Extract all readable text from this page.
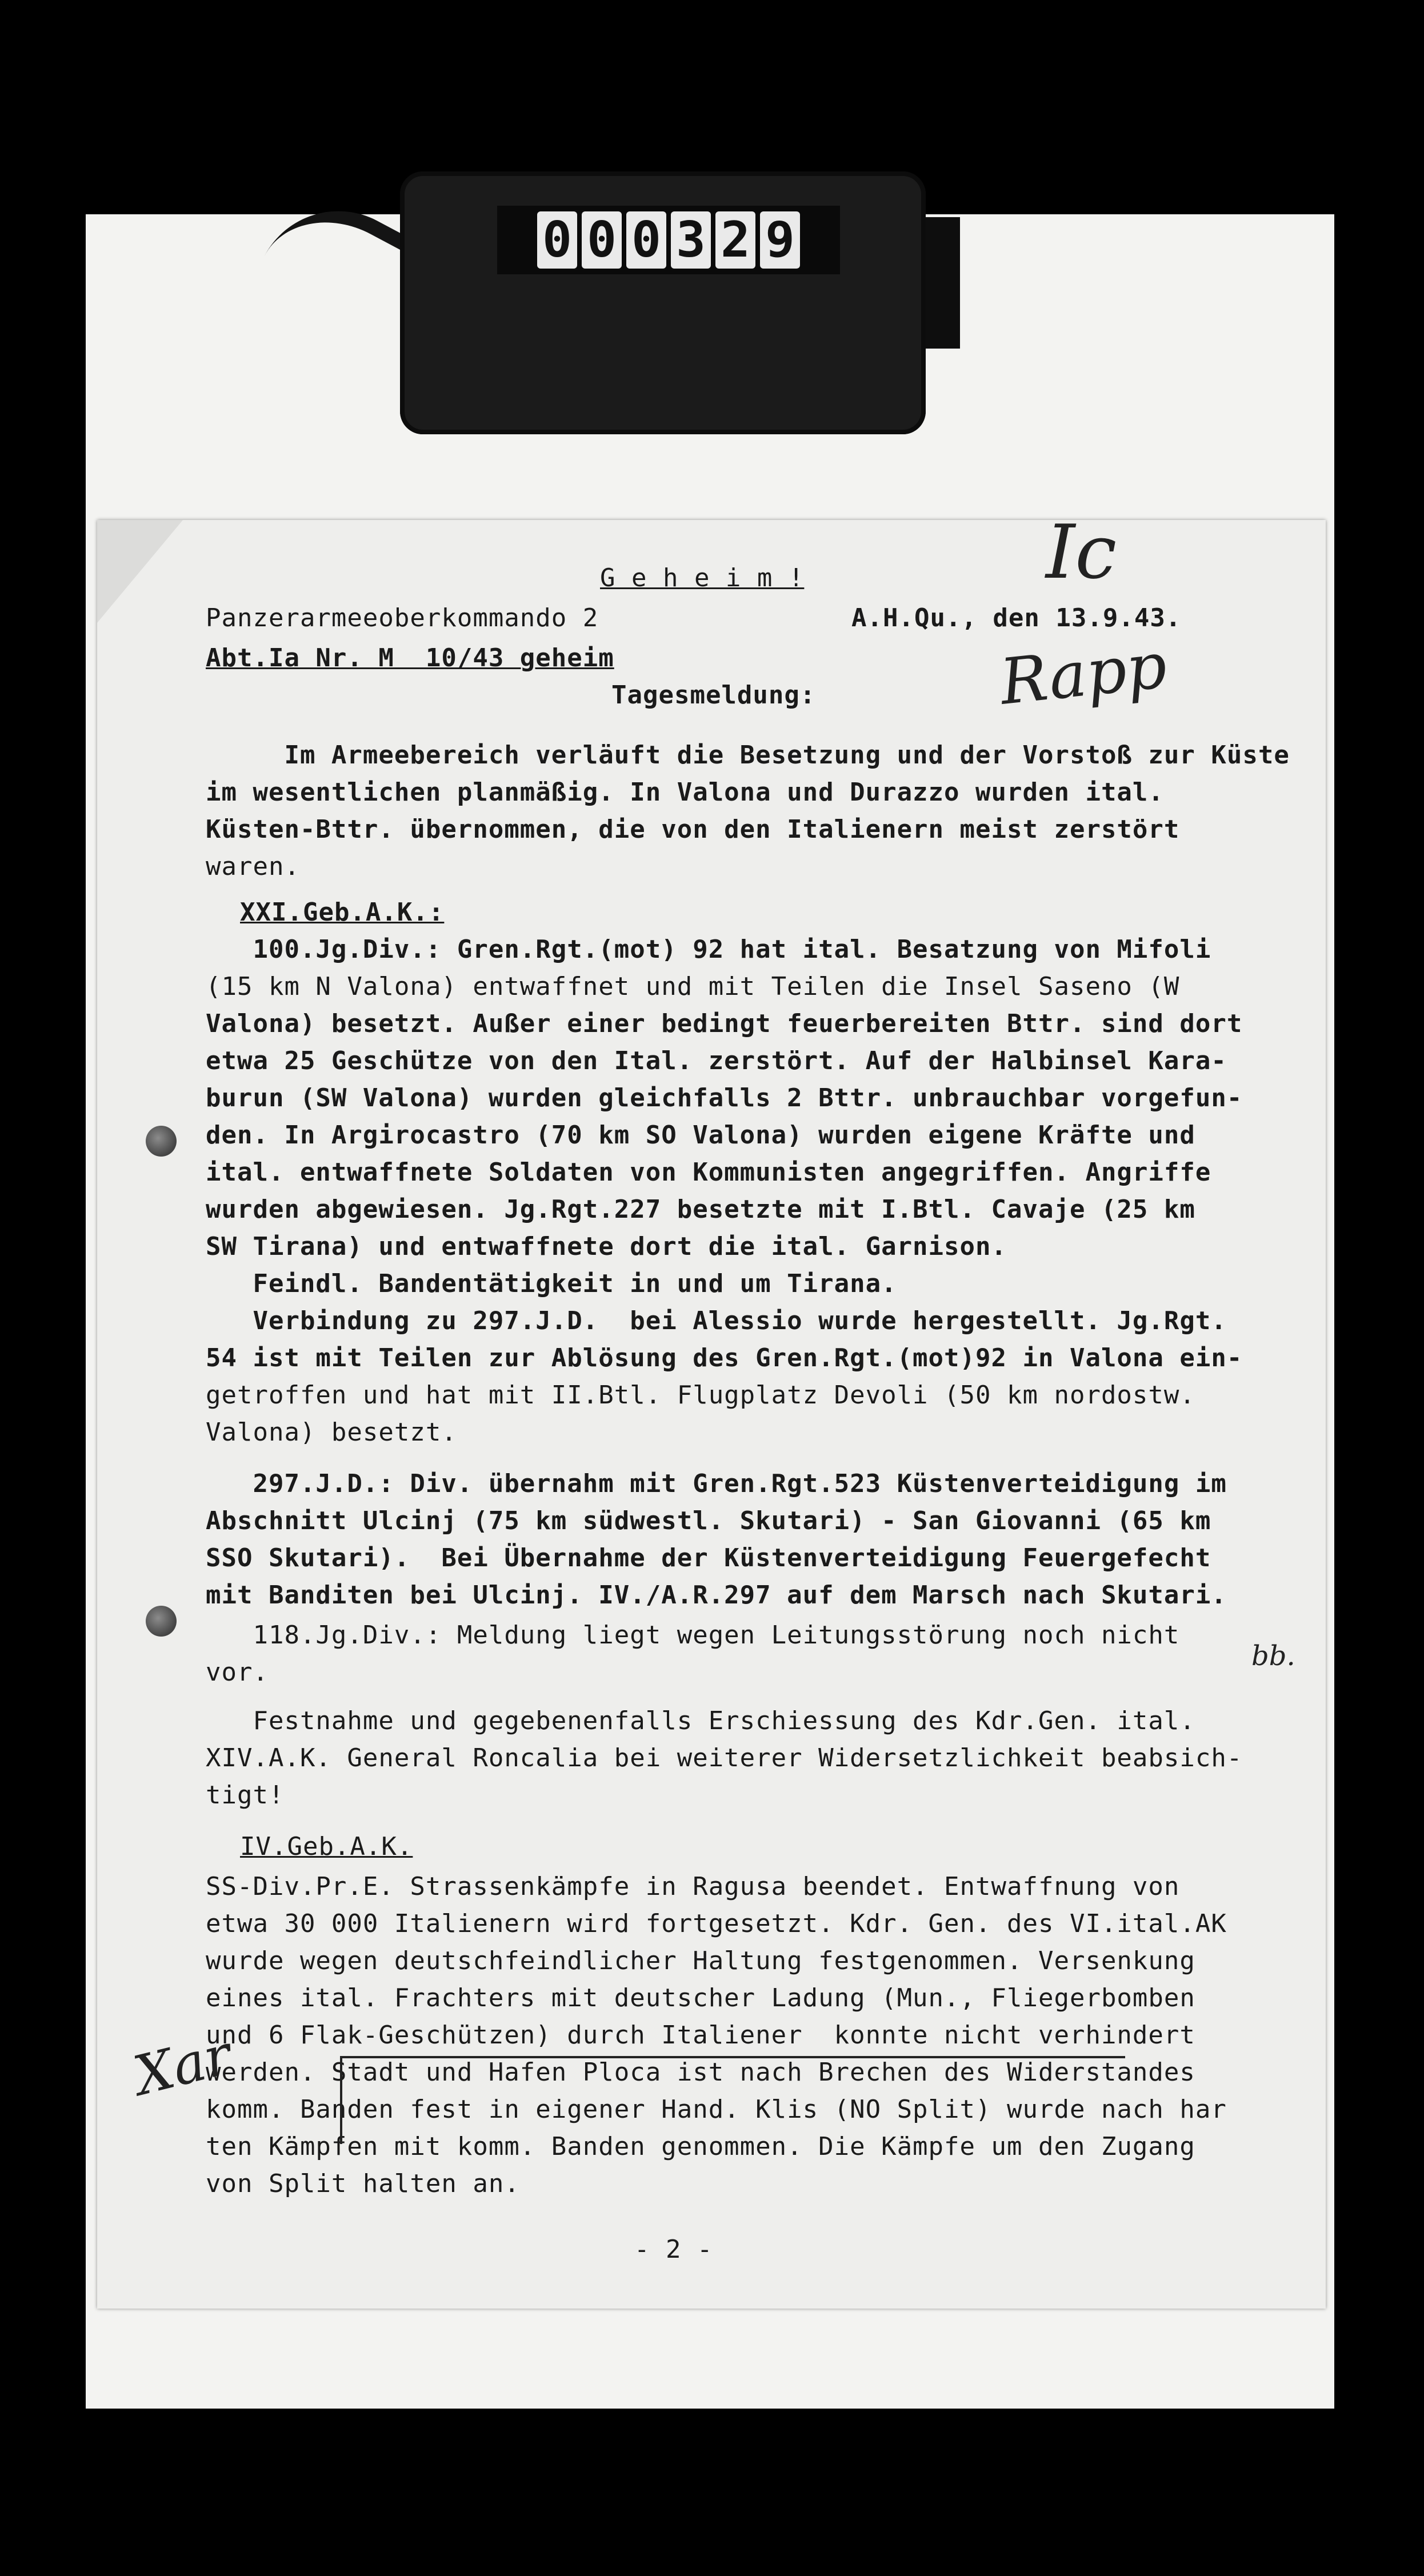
0 0 0 3 2 9
G e h e i m !
Panzerarmeeoberkommando 2	A.H.Qu., den 13.9.43.
Abt.Ia Nr. M  10/43 geheim
Tagesmeldung:
Im Armeebereich verläuft die Besetzung und der Vorstoß zur Küste
im wesentlichen planmäßig. In Valona und Durazzo wurden ital.
Küsten-Bttr. übernommen, die von den Italienern meist zerstört
waren.
XXI.Geb.A.K.:
100.Jg.Div.: Gren.Rgt.(mot) 92 hat ital. Besatzung von Mifoli
(15 km N Valona) entwaffnet und mit Teilen die Insel Saseno (W
Valona) besetzt. Außer einer bedingt feuerbereiten Bttr. sind dort
etwa 25 Geschütze von den Ital. zerstört. Auf der Halbinsel Kara-
burun (SW Valona) wurden gleichfalls 2 Bttr. unbrauchbar vorgefun-
den. In Argirocastro (70 km SO Valona) wurden eigene Kräfte und
ital. entwaffnete Soldaten von Kommunisten angegriffen. Angriffe
wurden abgewiesen. Jg.Rgt.227 besetzte mit I.Btl. Cavaje (25 km
SW Tirana) und entwaffnete dort die ital. Garnison.
Feindl. Bandentätigkeit in und um Tirana.
Verbindung zu 297.J.D.  bei Alessio wurde hergestellt. Jg.Rgt.
54 ist mit Teilen zur Ablösung des Gren.Rgt.(mot)92 in Valona ein-
getroffen und hat mit II.Btl. Flugplatz Devoli (50 km nordostw.
Valona) besetzt.
297.J.D.: Div. übernahm mit Gren.Rgt.523 Küstenverteidigung im
Abschnitt Ulcinj (75 km südwestl. Skutari) - San Giovanni (65 km
SSO Skutari).  Bei Übernahme der Küstenverteidigung Feuergefecht
mit Banditen bei Ulcinj. IV./A.R.297 auf dem Marsch nach Skutari.
118.Jg.Div.: Meldung liegt wegen Leitungsstörung noch nicht
vor.
Festnahme und gegebenenfalls Erschiessung des Kdr.Gen. ital.
XIV.A.K. General Roncalia bei weiterer Widersetzlichkeit beabsich-
tigt!
IV.Geb.A.K.
SS-Div.Pr.E. Strassenkämpfe in Ragusa beendet. Entwaffnung von
etwa 30 000 Italienern wird fortgesetzt. Kdr. Gen. des VI.ital.AK
wurde wegen deutschfeindlicher Haltung festgenommen. Versenkung
eines ital. Frachters mit deutscher Ladung (Mun., Fliegerbomben
und 6 Flak-Geschützen) durch Italiener  konnte nicht verhindert
werden. Stadt und Hafen Ploca ist nach Brechen des Widerstandes
komm. Banden fest in eigener Hand. Klis (NO Split) wurde nach har
ten Kämpfen mit komm. Banden genommen. Die Kämpfe um den Zugang
von Split halten an.
- 2 -
Ic
Rapp
bb.
Xar
